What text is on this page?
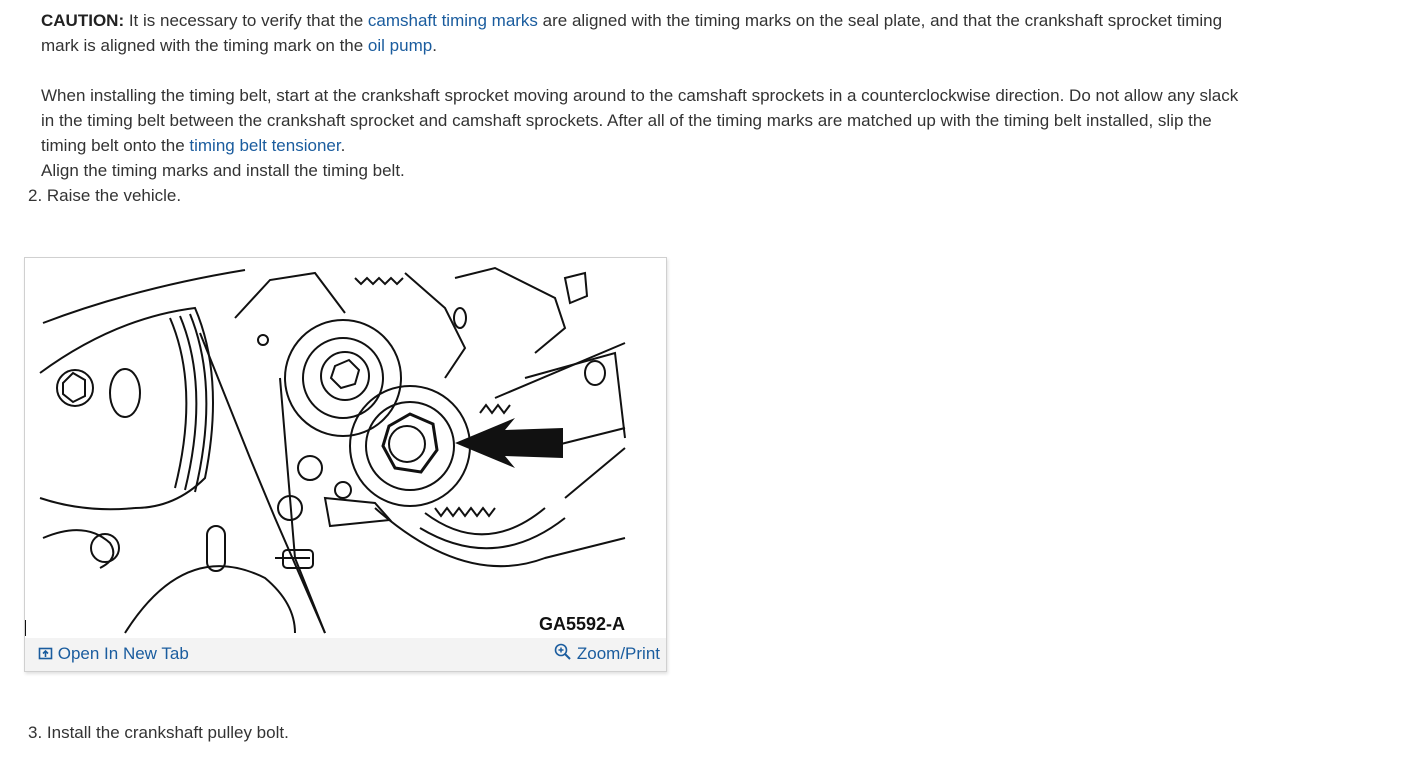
CAUTION: It is necessary to verify that the camshaft timing marks are aligned with the timing marks on the seal plate, and that the crankshaft sprocket timing mark is aligned with the timing mark on the oil pump.

When installing the timing belt, start at the crankshaft sprocket moving around to the camshaft sprockets in a counterclockwise direction. Do not allow any slack in the timing belt between the crankshaft sprocket and camshaft sprockets. After all of the timing marks are matched up with the timing belt installed, slip the timing belt onto the timing belt tensioner.

Align the timing marks and install the timing belt.

2. Raise the vehicle.

GA5592-A
Open In New Tab	Zoom/Print

3. Install the crankshaft pulley bolt.
